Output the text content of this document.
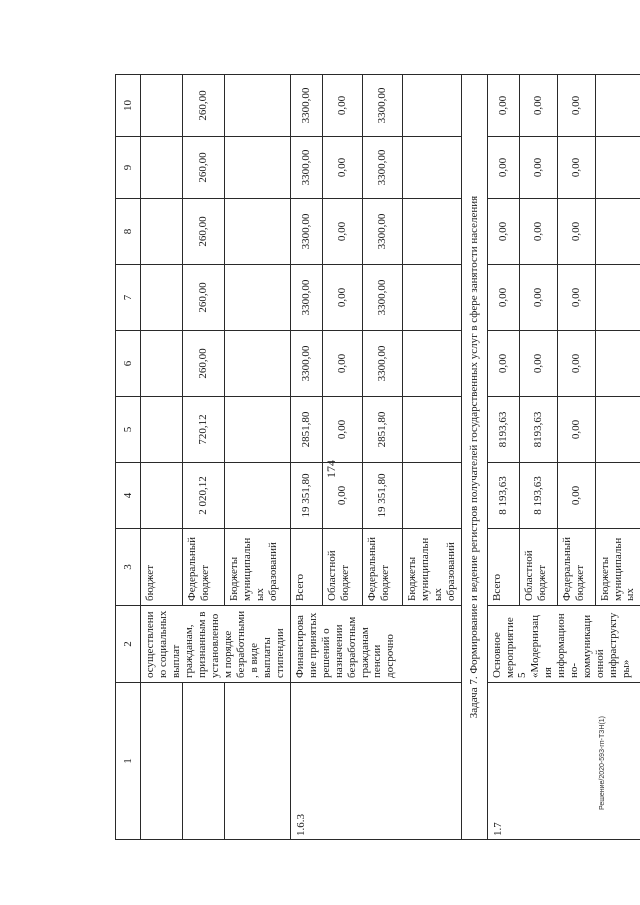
174
Решение/2020-593-гп-ТЗН(1)
1	2	3	4	5	6	7	8	9	10
	осуществлению социальных выплат гражданам, признанным в установленном порядке безработными, в виде выплаты стипендии	бюджет							
		Федеральный бюджет	2 020,12	720,12	260,00	260,00	260,00	260,00	260,00
		Бюджеты муниципальных образований							
1.6.3	Финансирование принятых решений о назначении безработным гражданам пенсии досрочно	Всего	19 351,80	2851,80	3300,00	3300,00	3300,00	3300,00	3300,00
		Областной бюджет	0,00	0,00	0,00	0,00	0,00	0,00	0,00
		Федеральный бюджет	19 351,80	2851,80	3300,00	3300,00	3300,00	3300,00	3300,00
		Бюджеты муниципальных образований							
Задача 7. Формирование и ведение регистров получателей государственных услуг в сфере занятости населения									
1.7	Основное мероприятие 5 «Модернизация информационно-коммуникационной инфраструктуры»	Всего	8 193,63	8193,63	0,00	0,00	0,00	0,00	0,00
		Областной бюджет	8 193,63	8193,63	0,00	0,00	0,00	0,00	0,00
		Федеральный бюджет	0,00	0,00	0,00	0,00	0,00	0,00	0,00
		Бюджеты муниципальных							
